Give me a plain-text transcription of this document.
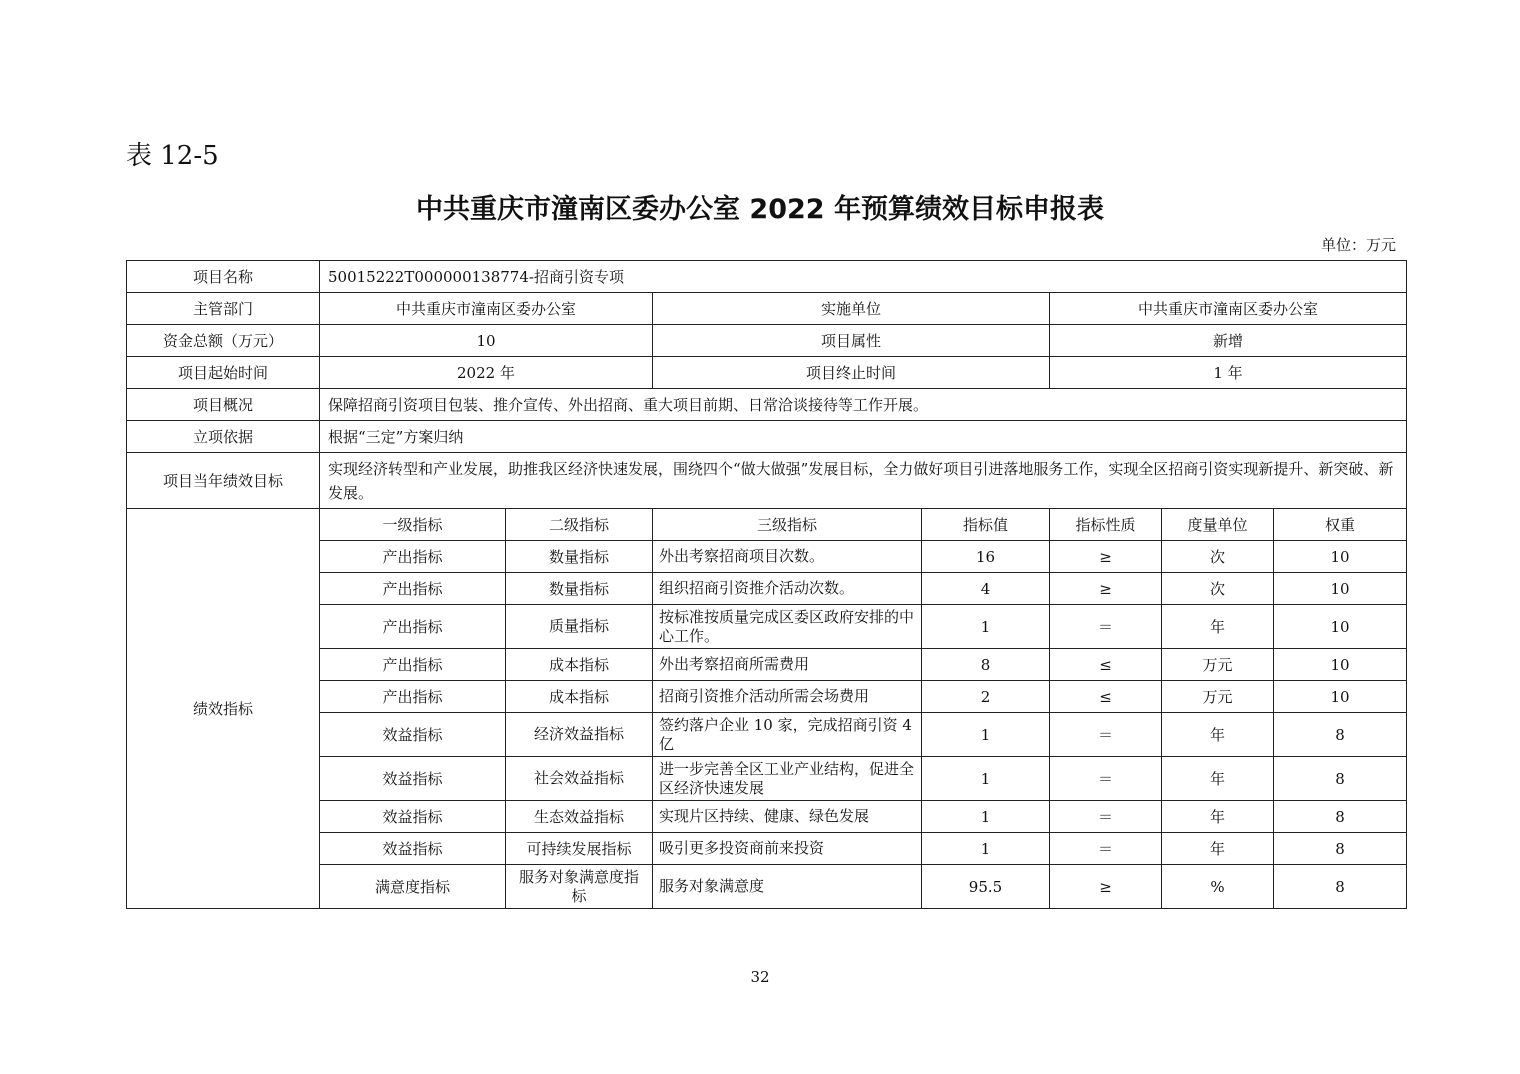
表 12-5
中共重庆市潼南区委办公室 2022 年预算绩效目标申报表
单位：万元
项目名称	50015222T000000138774-招商引资专项						
主管部门	中共重庆市潼南区委办公室		实施单位		中共重庆市潼南区委办公室		
资金总额（万元）	10		项目属性		新增		
项目起始时间	2022 年		项目终止时间		1 年		
项目概况	保障招商引资项目包装、推介宣传、外出招商、重大项目前期、日常洽谈接待等工作开展。						
立项依据	根据“三定”方案归纳						
项目当年绩效目标	实现经济转型和产业发展，助推我区经济快速发展，围绕四个“做大做强”发展目标，全力做好项目引进落地服务工作，实现全区招商引资实现新提升、新突破、新发展。						
绩效指标	一级指标	二级指标	三级指标	指标值	指标性质	度量单位	权重
	产出指标	数量指标	外出考察招商项目次数。	16	≥	次	10
	产出指标	数量指标	组织招商引资推介活动次数。	4	≥	次	10
	产出指标	质量指标	按标准按质量完成区委区政府安排的中心工作。	1	＝	年	10
	产出指标	成本指标	外出考察招商所需费用	8	≤	万元	10
	产出指标	成本指标	招商引资推介活动所需会场费用	2	≤	万元	10
	效益指标	经济效益指标	签约落户企业 10 家，完成招商引资 4 亿	1	＝	年	8
	效益指标	社会效益指标	进一步完善全区工业产业结构，促进全区经济快速发展	1	＝	年	8
	效益指标	生态效益指标	实现片区持续、健康、绿色发展	1	＝	年	8
	效益指标	可持续发展指标	吸引更多投资商前来投资	1	＝	年	8
	满意度指标	服务对象满意度指标	服务对象满意度	95.5	≥	%	8
32
